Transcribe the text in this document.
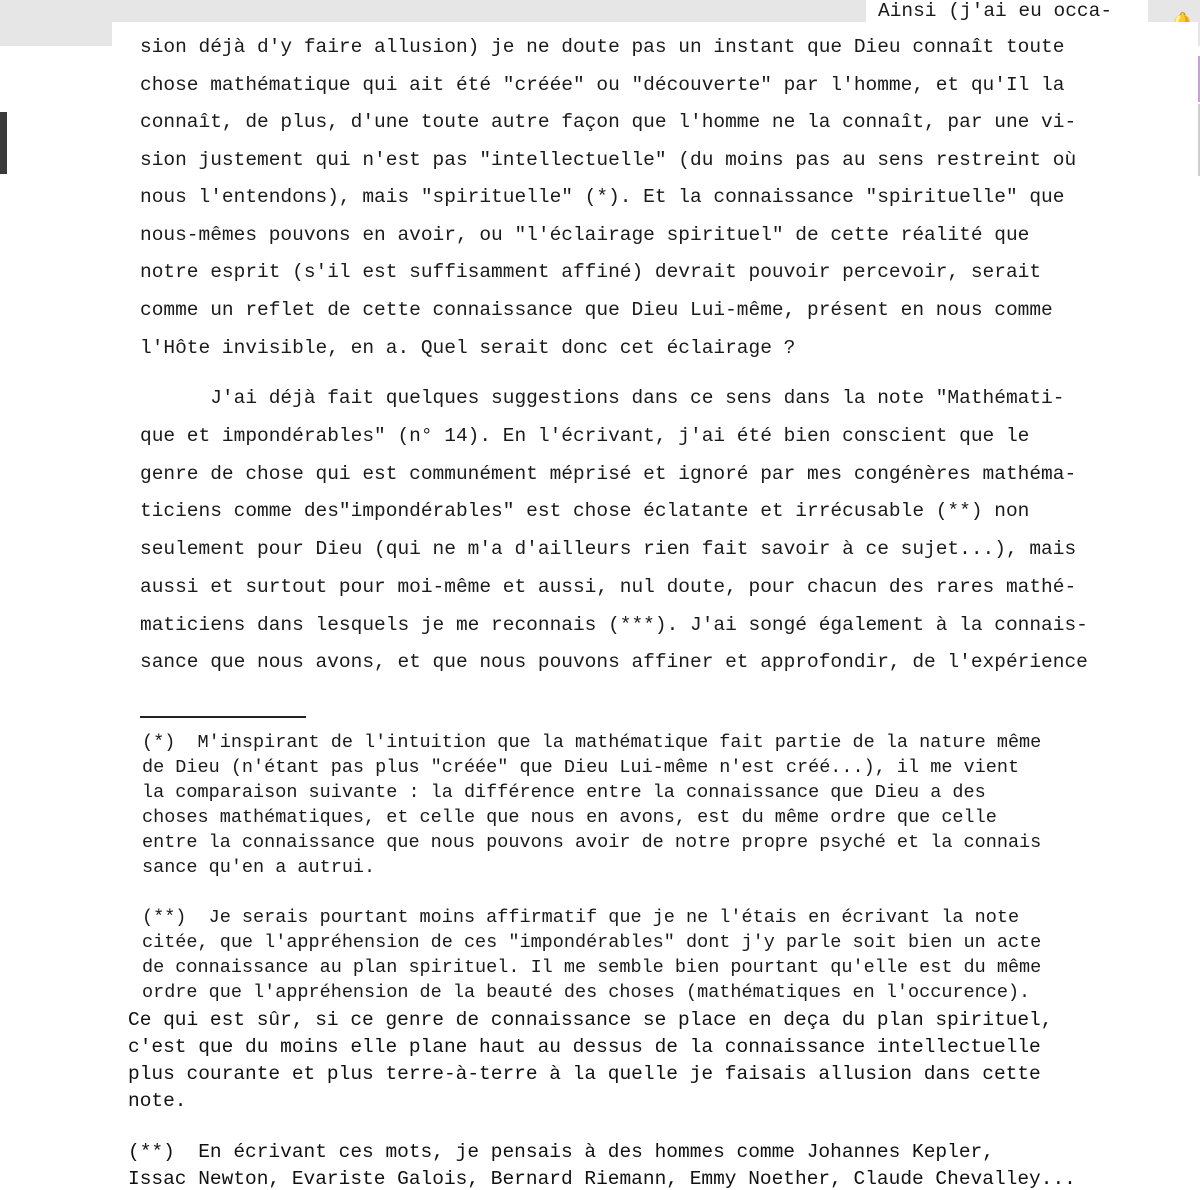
Ainsi (j'ai eu occa-
sion déjà d'y faire allusion) je ne doute pas un instant que Dieu connaît toute
chose mathématique qui ait été "créée" ou "découverte" par l'homme, et qu'Il la
connaît, de plus, d'une toute autre façon que l'homme ne la connaît, par une vi-
sion justement qui n'est pas "intellectuelle" (du moins pas au sens restreint où
nous l'entendons), mais "spirituelle" (*). Et la connaissance "spirituelle" que
nous-mêmes pouvons en avoir, ou "l'éclairage spirituel" de cette réalité que
notre esprit (s'il est suffisamment affiné) devrait pouvoir percevoir, serait
comme un reflet de cette connaissance que Dieu Lui-même, présent en nous comme
l'Hôte invisible, en a. Quel serait donc cet éclairage ?
J'ai déjà fait quelques suggestions dans ce sens dans la note "Mathémati-
que et impondérables" (n° 14). En l'écrivant, j'ai été bien conscient que le
genre de chose qui est communément méprisé et ignoré par mes congénères mathéma-
ticiens comme des"impondérables" est chose éclatante et irrécusable (**) non
seulement pour Dieu (qui ne m'a d'ailleurs rien fait savoir à ce sujet...), mais
aussi et surtout pour moi-même et aussi, nul doute, pour chacun des rares mathé-
maticiens dans lesquels je me reconnais (***). J'ai songé également à la connais-
sance que nous avons, et que nous pouvons affiner et approfondir, de l'expérience
(*)  M'inspirant de l'intuition que la mathématique fait partie de la nature même
de Dieu (n'étant pas plus "créée" que Dieu Lui-même n'est créé...), il me vient
la comparaison suivante : la différence entre la connaissance que Dieu a des
choses mathématiques, et celle que nous en avons, est du même ordre que celle
entre la connaissance que nous pouvons avoir de notre propre psyché et la connais
sance qu'en a autrui.
(**)  Je serais pourtant moins affirmatif que je ne l'étais en écrivant la note
citée, que l'appréhension de ces "impondérables" dont j'y parle soit bien un acte
de connaissance au plan spirituel. Il me semble bien pourtant qu'elle est du même
ordre que l'appréhension de la beauté des choses (mathématiques en l'occurence).
Ce qui est sûr, si ce genre de connaissance se place en deça du plan spirituel,
c'est que du moins elle plane haut au dessus de la connaissance intellectuelle
plus courante et plus terre-à-terre à la quelle je faisais allusion dans cette
note.
(**)  En écrivant ces mots, je pensais à des hommes comme Johannes Kepler,
Issac Newton, Evariste Galois, Bernard Riemann, Emmy Noether, Claude Chevalley...
